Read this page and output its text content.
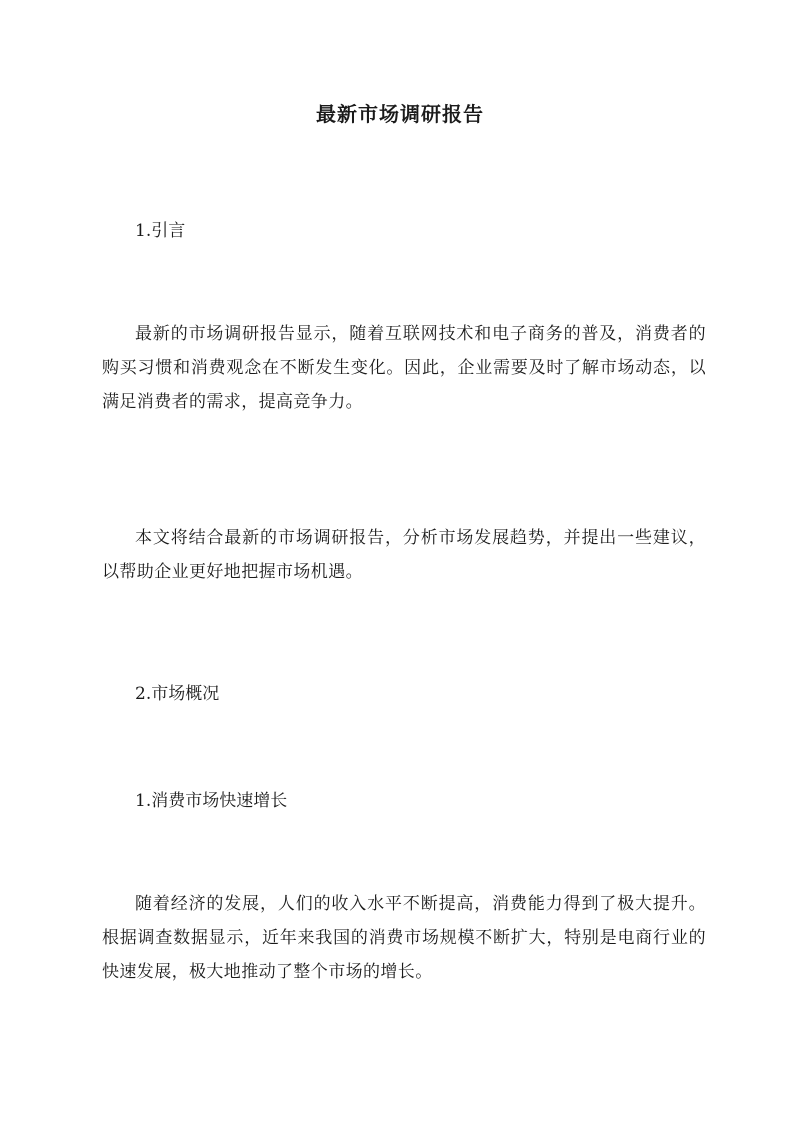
最新市场调研报告

1.引言

最新的市场调研报告显示，随着互联网技术和电子商务的普及，消费者的购买习惯和消费观念在不断发生变化。因此，企业需要及时了解市场动态，以满足消费者的需求，提高竞争力。

本文将结合最新的市场调研报告，分析市场发展趋势，并提出一些建议，以帮助企业更好地把握市场机遇。

2.市场概况

1.消费市场快速增长

随着经济的发展，人们的收入水平不断提高，消费能力得到了极大提升。根据调查数据显示，近年来我国的消费市场规模不断扩大，特别是电商行业的快速发展，极大地推动了整个市场的增长。
